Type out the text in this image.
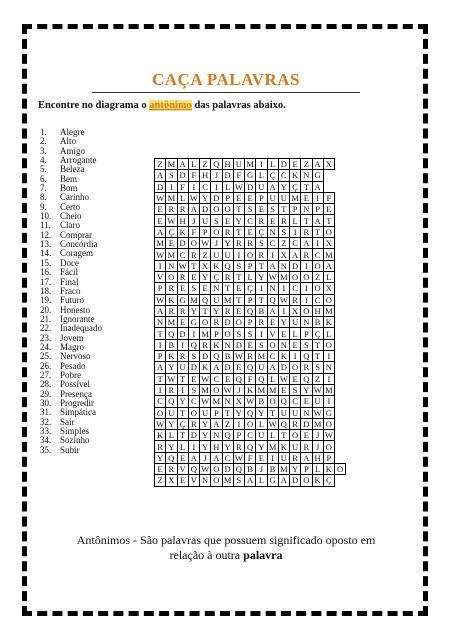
CAÇA PALAVRAS
Encontre no diagrama o antônimo das palavras abaixo.
1. Alegre
2. Alto
3. Amigo
4. Arrogante
5. Beleza
6. Bem
7. Bom
8. Carinho
9. Certo
10. Cheio
11. Claro
12. Comprar
13. Concórdia
14. Coragem
15. Doce
16. Fácil
17. Final
18. Fraco
19. Futuro
20. Honesto
21. Ignorante
22. Inadequado
23. Jovem
24. Magro
25. Nervoso
26. Pesado
27. Pobre
28. Possível
29. Presença
30. Progredir
31. Simpática
32. Sair
33. Simples
34. Sozinho
35. Subir
Z	M	A	L	Z	Q	H	U	M	I	L	D	E	Z	A	X	
A	S	D	F	H	J	D	F	G	L	Ç	C	K	N	G		
D	I	F	I	C	I	L	W	D	U	A	Y	Ç	T	A		
W	M	L	W	Y	D	P	E	E	P	U	U	M	E	I	F	
E	R	R	A	D	O	O	T	S	E	S	T	P	N	P	E	
E	W	H	J	U	S	E	Y	C	R	E	R	L	T	A	T	
A	Ç	K	F	P	O	R	T	E	Ç	N	S	I	R	T	O	
M	E	D	O	W	J	Y	R	R	S	C	Z	C	A	I	X	
W	M	C	R	Z	U	U	I	O	R	I	X	A	R	C	M	
I	N	W	T	X	K	Q	S	P	T	A	N	D	I	O	A	
V	O	R	E	Y	Ç	R	T	L	Y	W	M	O	O	Z	L	
P	R	E	S	E	N	T	E	Ç	I	N	I	C	I	O	X	
W	K	G	M	Q	U	M	T	P	T	Q	W	R	I	C	O	
A	R	R	Y	T	Y	R	E	Q	B	A	I	X	O	H	M	
N	M	E	G	O	R	D	O	P	R	E	Y	U	N	B	K	
T	Q	D	I	M	P	O	S	S	I	V	E	L	P	Ç	L	
I	B	I	Q	R	K	N	D	E	S	O	N	E	S	T	O	
P	K	R	S	D	Q	B	W	R	M	C	K	I	Q	T	I	
A	Y	U	D	K	A	D	E	Q	U	A	D	O	R	S	N	
T	W	T	E	W	C	E	Q	F	Q	L	W	E	Q	Z	I	
I	R	I	S	M	O	W	J	K	M	M	E	S	Y	W	M	
C	Q	Y	C	W	M	N	X	W	B	O	Q	C	E	U	I	
O	U	T	O	U	P	T	Y	Q	Y	T	U	U	N	W	G	
W	Y	Ç	R	Y	A	Z	I	O	L	W	Q	R	D	M	O	
K	L	T	D	Y	N	Q	P	C	U	L	T	O	E	J	W	
R	Y	L	I	Y	H	Y	R	Q	Y	M	K	U	R	J	O	
Y	Q	E	A	J	A	C	W	F	E	I	U	R	A	H	P	
E	R	V	Q	W	O	D	Q	B	J	B	M	Y	P	L	K	O
Z	X	E	V	N	O	M	S	A	L	G	A	D	O	K	Ç	
Antônimos - São palavras que possuem significado oposto em
relação à outra palavra
